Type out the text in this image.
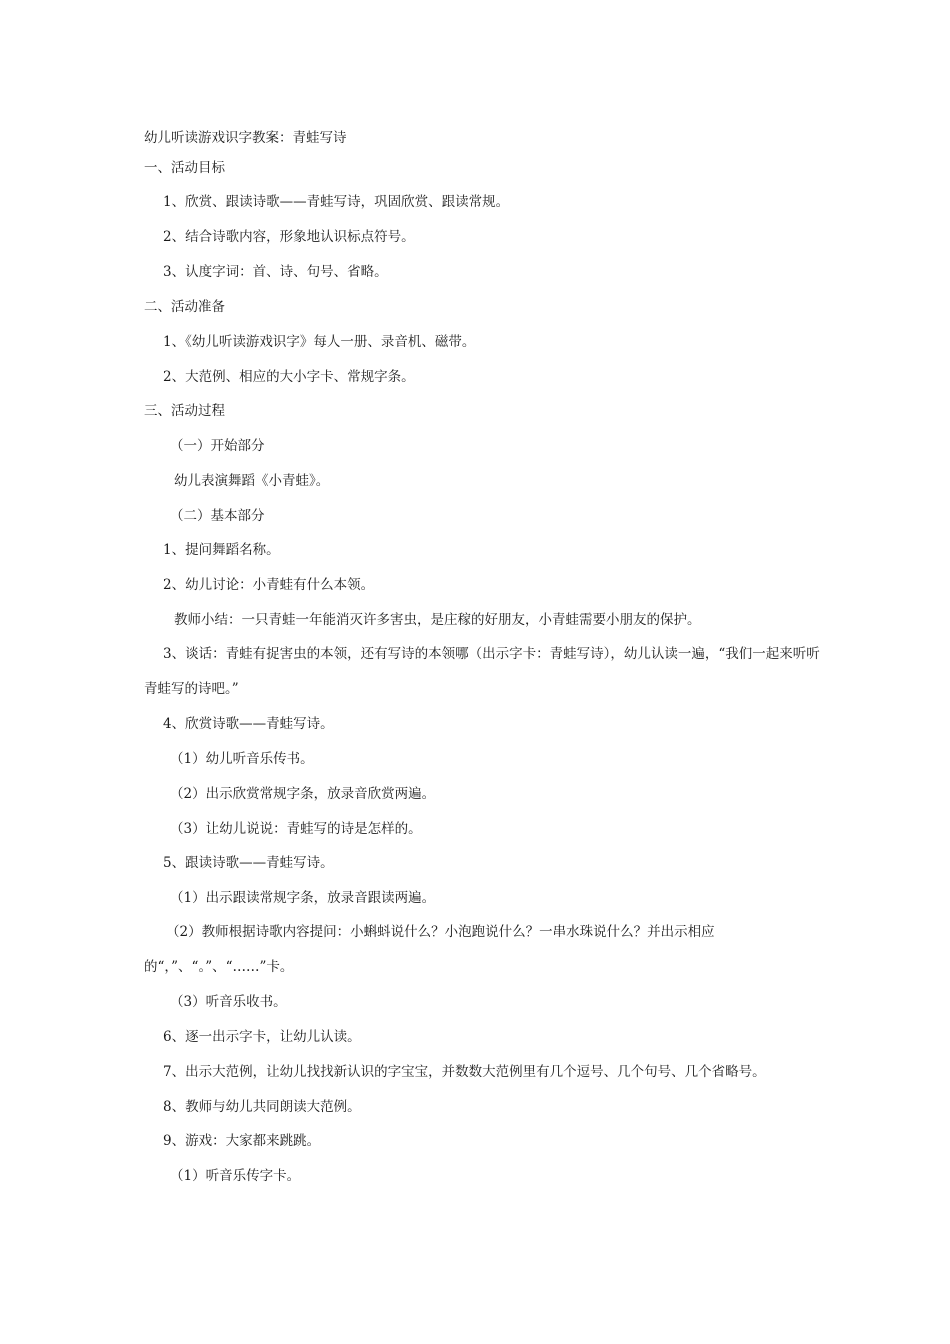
幼儿听读游戏识字教案：青蛙写诗
一、活动目标
1、欣赏、跟读诗歌——青蛙写诗，巩固欣赏、跟读常规。
2、结合诗歌内容，形象地认识标点符号。
3、认度字词：首、诗、句号、省略。
二、活动准备
1、《幼儿听读游戏识字》每人一册、录音机、磁带。
2、大范例、相应的大小字卡、常规字条。
三、活动过程
（一）开始部分
幼儿表演舞蹈《小青蛙》。
（二）基本部分
1、提问舞蹈名称。
2、幼儿讨论：小青蛙有什么本领。
教师小结：一只青蛙一年能消灭许多害虫，是庄稼的好朋友，小青蛙需要小朋友的保护。
3、谈话：青蛙有捉害虫的本领，还有写诗的本领哪（出示字卡：青蛙写诗），幼儿认读一遍，“我们一起来听听青蛙写的诗吧。”
4、欣赏诗歌——青蛙写诗。
（1）幼儿听音乐传书。
（2）出示欣赏常规字条，放录音欣赏两遍。
（3）让幼儿说说：青蛙写的诗是怎样的。
5、跟读诗歌——青蛙写诗。
（1）出示跟读常规字条，放录音跟读两遍。
（2）教师根据诗歌内容提问：小蝌蚪说什么？小泡跑说什么？一串水珠说什么？并出示相应的“，”、“。”、“……”卡。
（3）听音乐收书。
6、逐一出示字卡，让幼儿认读。
7、出示大范例，让幼儿找找新认识的字宝宝，并数数大范例里有几个逗号、几个句号、几个省略号。
8、教师与幼儿共同朗读大范例。
9、游戏：大家都来跳跳。
（1）听音乐传字卡。
